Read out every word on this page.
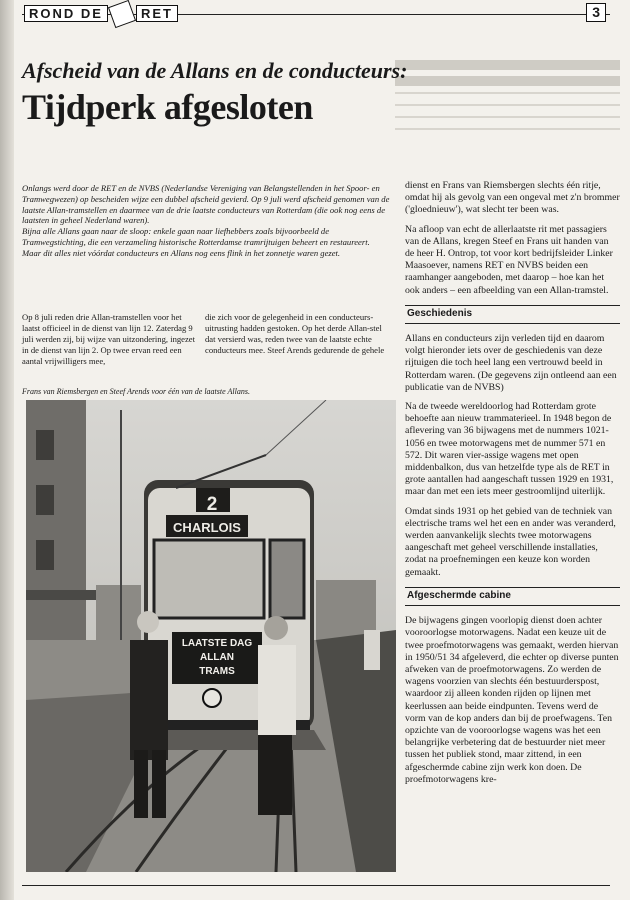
ROND DE	RET	3
Afscheid van de Allans en de conducteurs:
Tijdperk afgesloten

Onlangs werd door de RET en de NVBS (Nederlandse Vereniging van Belangstellenden in het Spoor- en Tramwegwezen) op bescheiden wijze een dubbel afscheid gevierd. Op 9 juli werd afscheid genomen van de laatste Allan-tramstellen en daarmee van de drie laatste conducteurs van Rotterdam (die ook nog eens de laatsten in geheel Nederland waren).

Bijna alle Allans gaan naar de sloop: enkele gaan naar liefhebbers zoals bijvoorbeeld de Tramwegstichting, die een verzameling historische Rotterdamse tramrijtuigen beheert en restaureert.

Maar dit alles niet vóórdat conducteurs en Allans nog eens flink in het zonnetje waren gezet.

Op 8 juli reden drie Allan-tramstellen voor het laatst officieel in de dienst van lijn 12. Zaterdag 9 juli werden zij, bij wijze van uitzondering, ingezet in de dienst van lijn 2. Op twee ervan reed een aantal vrijwilligers mee,
die zich voor de gelegenheid in een conducteurs-uitrusting hadden gestoken. Op het derde Allan-stel dat versierd was, reden twee van de laatste echte conducteurs mee. Steef Arends gedurende de gehele
Frans van Riemsbergen en Steef Arends voor één van de laatste Allans.
2
CHARLOIS
LAATSTE DAG
ALLAN
TRAMS

dienst en Frans van Riemsbergen slechts één ritje, omdat hij als gevolg van een ongeval met z'n brommer ('gloednieuw'), wat slecht ter been was.

Na afloop van echt de allerlaatste rit met passagiers van de Allans, kregen Steef en Frans uit handen van de heer H. Ontrop, tot voor kort bedrijfsleider Linker Maasoever, namens RET en NVBS beiden een raamhanger aangeboden, met daarop – hoe kan het ook anders – een afbeelding van een Allan-tramstel.

Geschiedenis

Allans en conducteurs zijn verleden tijd en daarom volgt hieronder iets over de geschiedenis van deze rijtuigen die toch heel lang een vertrouwd beeld in Rotterdam waren. (De gegevens zijn ontleend aan een publicatie van de NVBS)

Na de tweede wereldoorlog had Rotterdam grote behoefte aan nieuw trammaterieel. In 1948 begon de aflevering van 36 bijwagens met de nummers 1021-1056 en twee motorwagens met de nummer 571 en 572. Dit waren vier-assige wagens met open middenbalkon, dus van hetzelfde type als de RET in grote aantallen had aangeschaft tussen 1929 en 1931, maar dan met een iets meer gestroomlijnd uiterlijk.

Omdat sinds 1931 op het gebied van de techniek van electrische trams wel het een en ander was veranderd, werden aanvankelijk slechts twee motorwagens aangeschaft met geheel verschillende installaties, zodat na proefnemingen een keuze kon worden gemaakt.

Afgeschermde cabine

De bijwagens gingen voorlopig dienst doen achter vooroorlogse motorwagens. Nadat een keuze uit de twee proefmotorwagens was gemaakt, werden hiervan in 1950/51 34 afgeleverd, die echter op diverse punten afweken van de proefmotorwagens. Zo werden de wagens voorzien van slechts één bestuurderspost, waardoor zij alleen konden rijden op lijnen met keerlussen aan beide eindpunten. Tevens werd de vorm van de kop anders dan bij de proefwagens. Ten opzichte van de vooroorlogse wagens was het een belangrijke verbetering dat de bestuurder niet meer tussen het publiek stond, maar zittend, in een afgeschermde cabine zijn werk kon doen. De proefmotorwagens kre-
